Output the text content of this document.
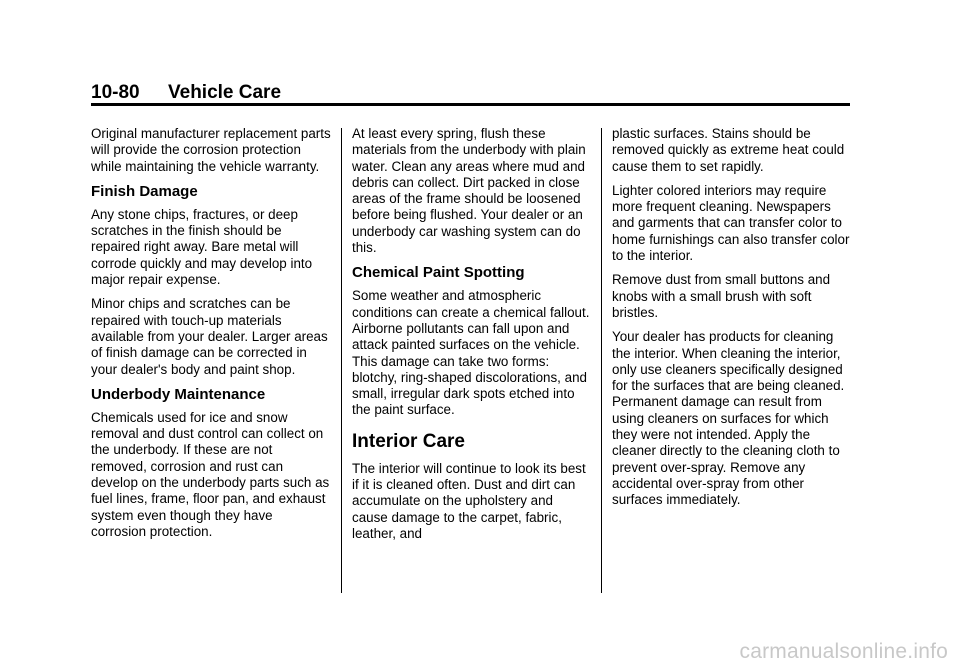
10-80 Vehicle Care

Original manufacturer replacement parts will provide the corrosion protection while maintaining the vehicle warranty.

Finish Damage

Any stone chips, fractures, or deep scratches in the finish should be repaired right away. Bare metal will corrode quickly and may develop into major repair expense.

Minor chips and scratches can be repaired with touch-up materials available from your dealer. Larger areas of finish damage can be corrected in your dealer's body and paint shop.

Underbody Maintenance

Chemicals used for ice and snow removal and dust control can collect on the underbody. If these are not removed, corrosion and rust can develop on the underbody parts such as fuel lines, frame, floor pan, and exhaust system even though they have corrosion protection.

At least every spring, flush these materials from the underbody with plain water. Clean any areas where mud and debris can collect. Dirt packed in close areas of the frame should be loosened before being flushed. Your dealer or an underbody car washing system can do this.

Chemical Paint Spotting

Some weather and atmospheric conditions can create a chemical fallout. Airborne pollutants can fall upon and attack painted surfaces on the vehicle. This damage can take two forms: blotchy, ring-shaped discolorations, and small, irregular dark spots etched into the paint surface.

Interior Care

The interior will continue to look its best if it is cleaned often. Dust and dirt can accumulate on the upholstery and cause damage to the carpet, fabric, leather, and

plastic surfaces. Stains should be removed quickly as extreme heat could cause them to set rapidly.

Lighter colored interiors may require more frequent cleaning. Newspapers and garments that can transfer color to home furnishings can also transfer color to the interior.

Remove dust from small buttons and knobs with a small brush with soft bristles.

Your dealer has products for cleaning the interior. When cleaning the interior, only use cleaners specifically designed for the surfaces that are being cleaned. Permanent damage can result from using cleaners on surfaces for which they were not intended. Apply the cleaner directly to the cleaning cloth to prevent over-spray. Remove any accidental over-spray from other surfaces immediately.

carmanualsonline.info
